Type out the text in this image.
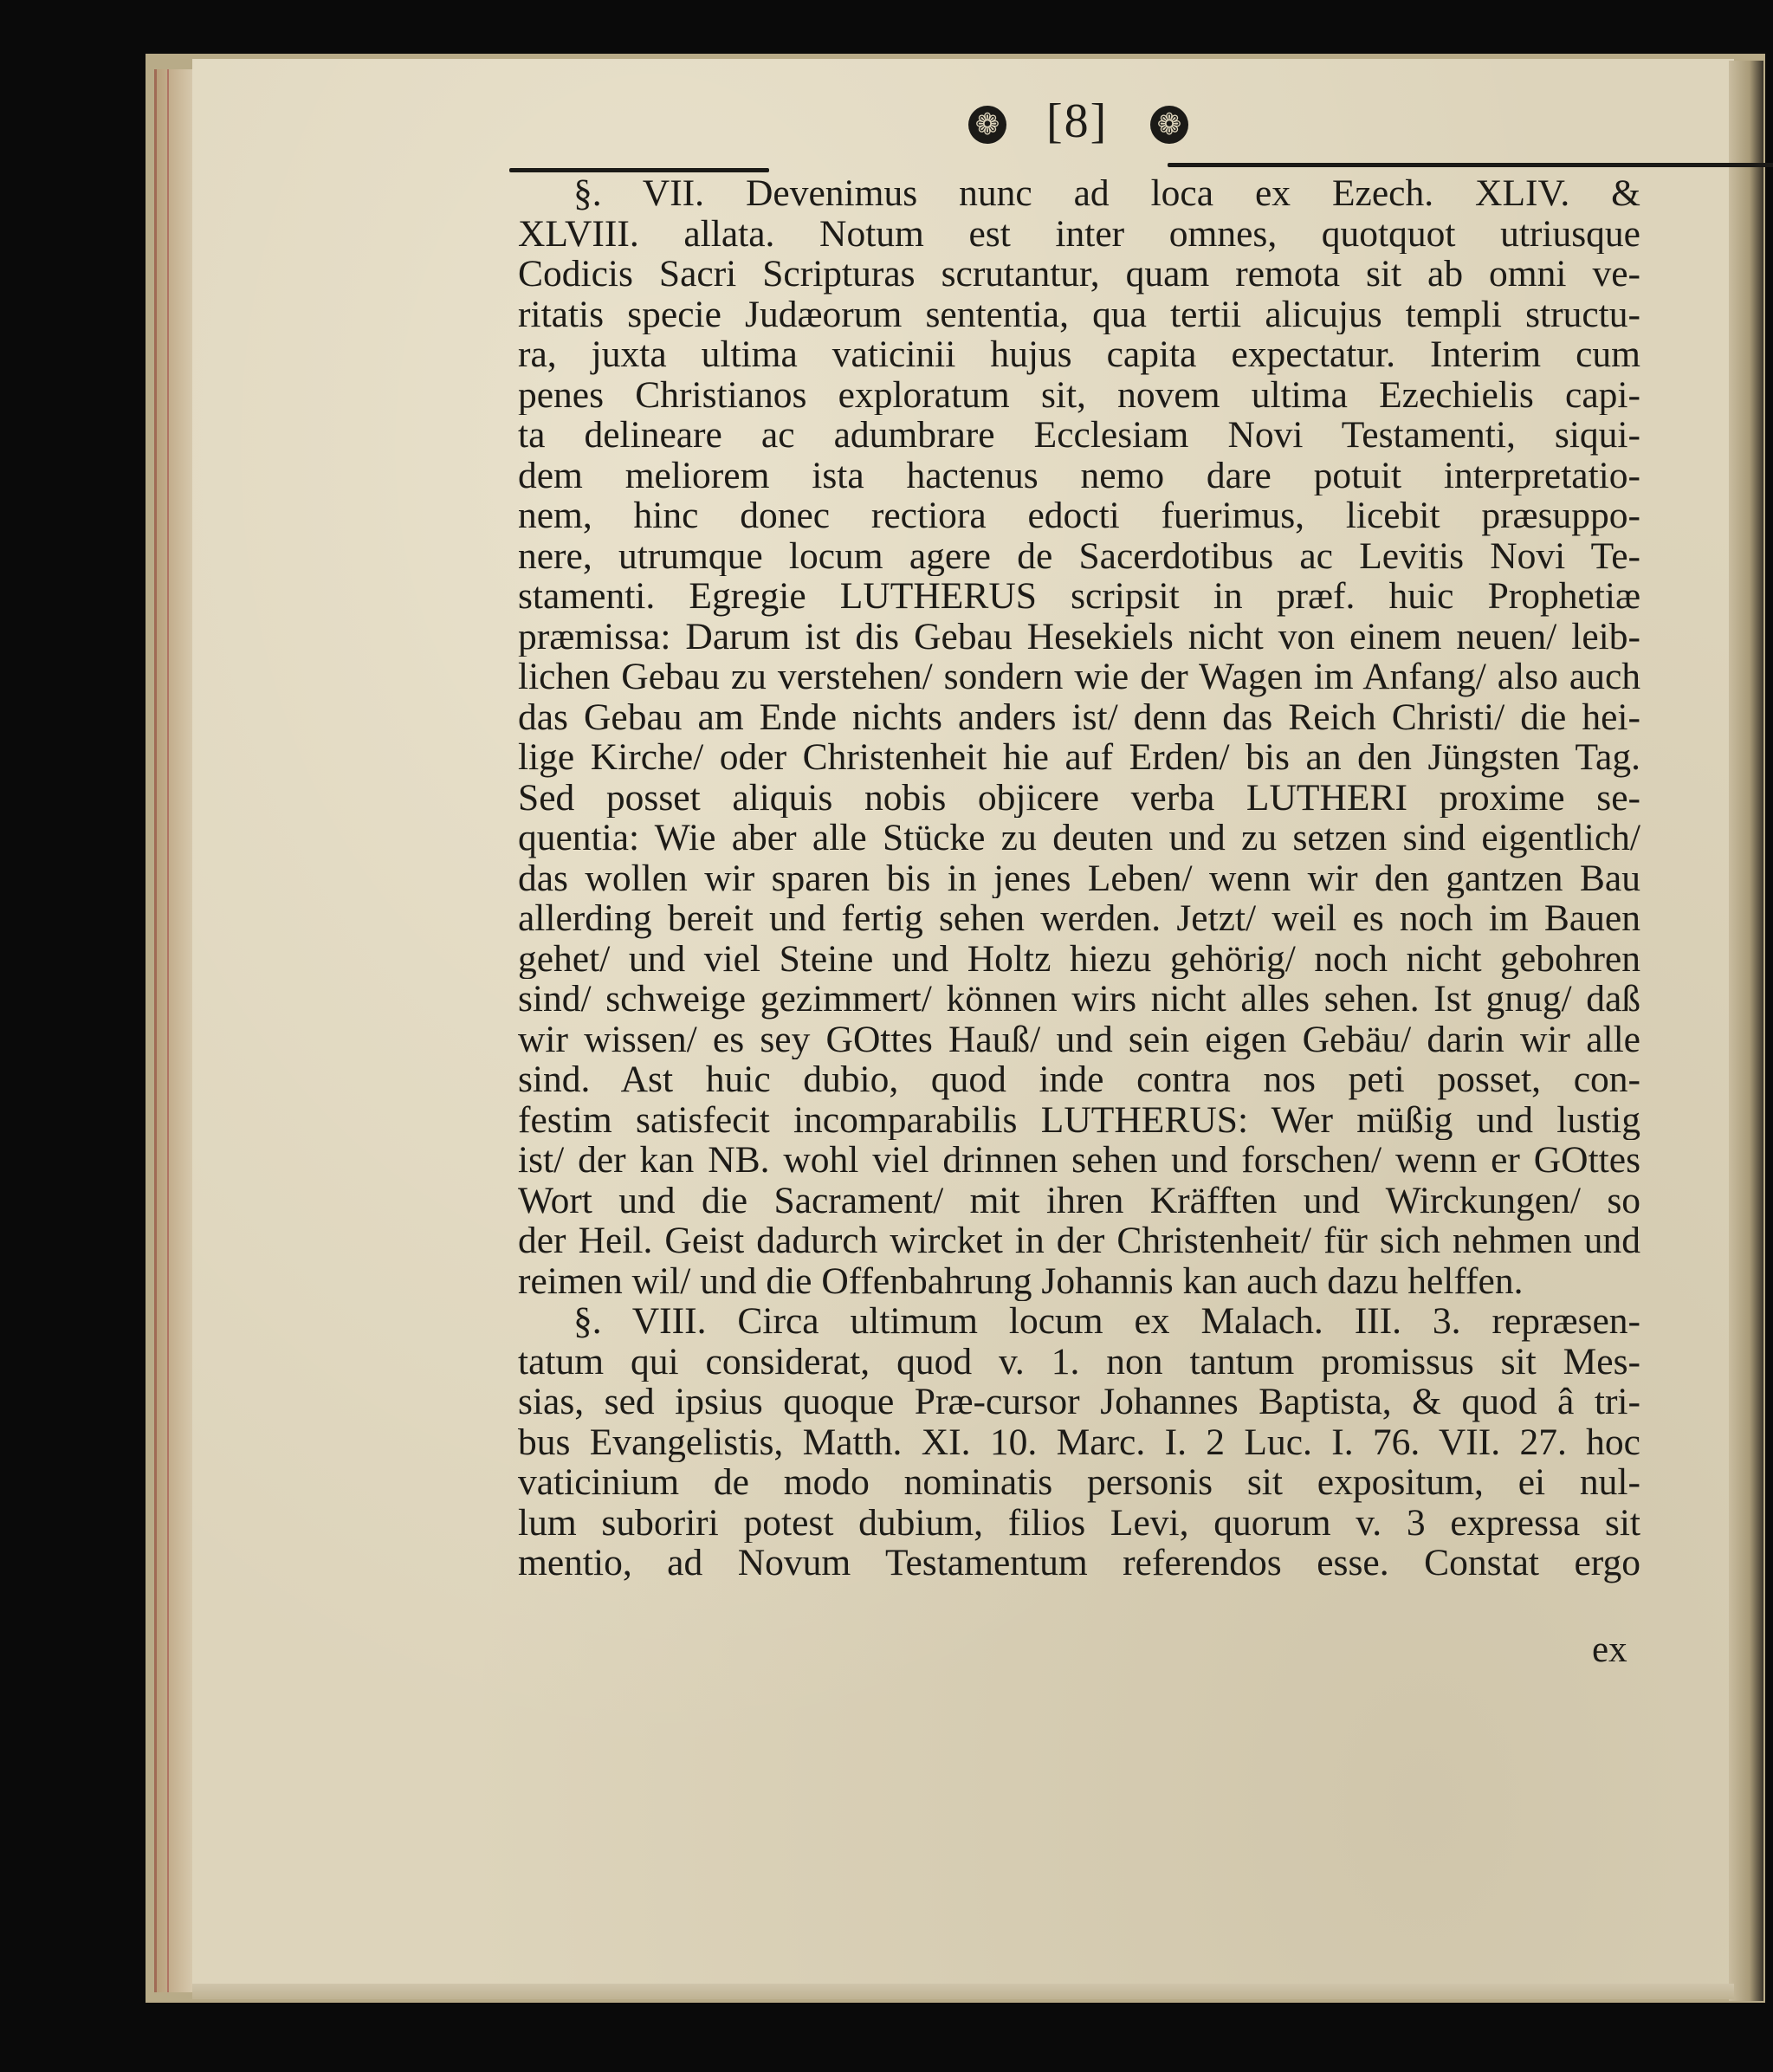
❁ [8] ❁
§. VII. Devenimus nunc ad loca ex Ezech. XLIV. &
XLVIII. allata. Notum est inter omnes, quotquot utriusque
Codicis Sacri Scripturas scrutantur, quam remota sit ab omni ve-
ritatis specie Judæorum sententia, qua tertii alicujus templi structu-
ra, juxta ultima vaticinii hujus capita expectatur. Interim cum
penes Christianos exploratum sit, novem ultima Ezechielis capi-
ta delineare ac adumbrare Ecclesiam Novi Testamenti, siqui-
dem meliorem ista hactenus nemo dare potuit interpretatio-
nem, hinc donec rectiora edocti fuerimus, licebit præsuppo-
nere, utrumque locum agere de Sacerdotibus ac Levitis Novi Te-
stamenti. Egregie LUTHERUS scripsit in præf. huic Prophetiæ
præmissa: Darum ist dis Gebau Hesekiels nicht von einem neuen/ leib-
lichen Gebau zu verstehen/ sondern wie der Wagen im Anfang/ also auch
das Gebau am Ende nichts anders ist/ denn das Reich Christi/ die hei-
lige Kirche/ oder Christenheit hie auf Erden/ bis an den Jüngsten Tag.
Sed posset aliquis nobis objicere verba LUTHERI proxime se-
quentia: Wie aber alle Stücke zu deuten und zu setzen sind eigentlich/
das wollen wir sparen bis in jenes Leben/ wenn wir den gantzen Bau
allerding bereit und fertig sehen werden. Jetzt/ weil es noch im Bauen
gehet/ und viel Steine und Holtz hiezu gehörig/ noch nicht gebohren
sind/ schweige gezimmert/ können wirs nicht alles sehen. Ist gnug/ daß
wir wissen/ es sey GOttes Hauß/ und sein eigen Gebäu/ darin wir alle
sind. Ast huic dubio, quod inde contra nos peti posset, con-
festim satisfecit incomparabilis LUTHERUS: Wer müßig und lustig
ist/ der kan NB. wohl viel drinnen sehen und forschen/ wenn er GOttes
Wort und die Sacrament/ mit ihren Kräfften und Wirckungen/ so
der Heil. Geist dadurch wircket in der Christenheit/ für sich nehmen und
reimen wil/ und die Offenbahrung Johannis kan auch dazu helffen.
§. VIII. Circa ultimum locum ex Malach. III. 3. repræsen-
tatum qui considerat, quod v. 1. non tantum promissus sit Mes-
sias, sed ipsius quoque Præ-cursor Johannes Baptista, & quod â tri-
bus Evangelistis, Matth. XI. 10. Marc. I. 2 Luc. I. 76. VII. 27. hoc
vaticinium de modo nominatis personis sit expositum, ei nul-
lum suboriri potest dubium, filios Levi, quorum v. 3 expressa sit
mentio, ad Novum Testamentum referendos esse. Constat ergo
ex
